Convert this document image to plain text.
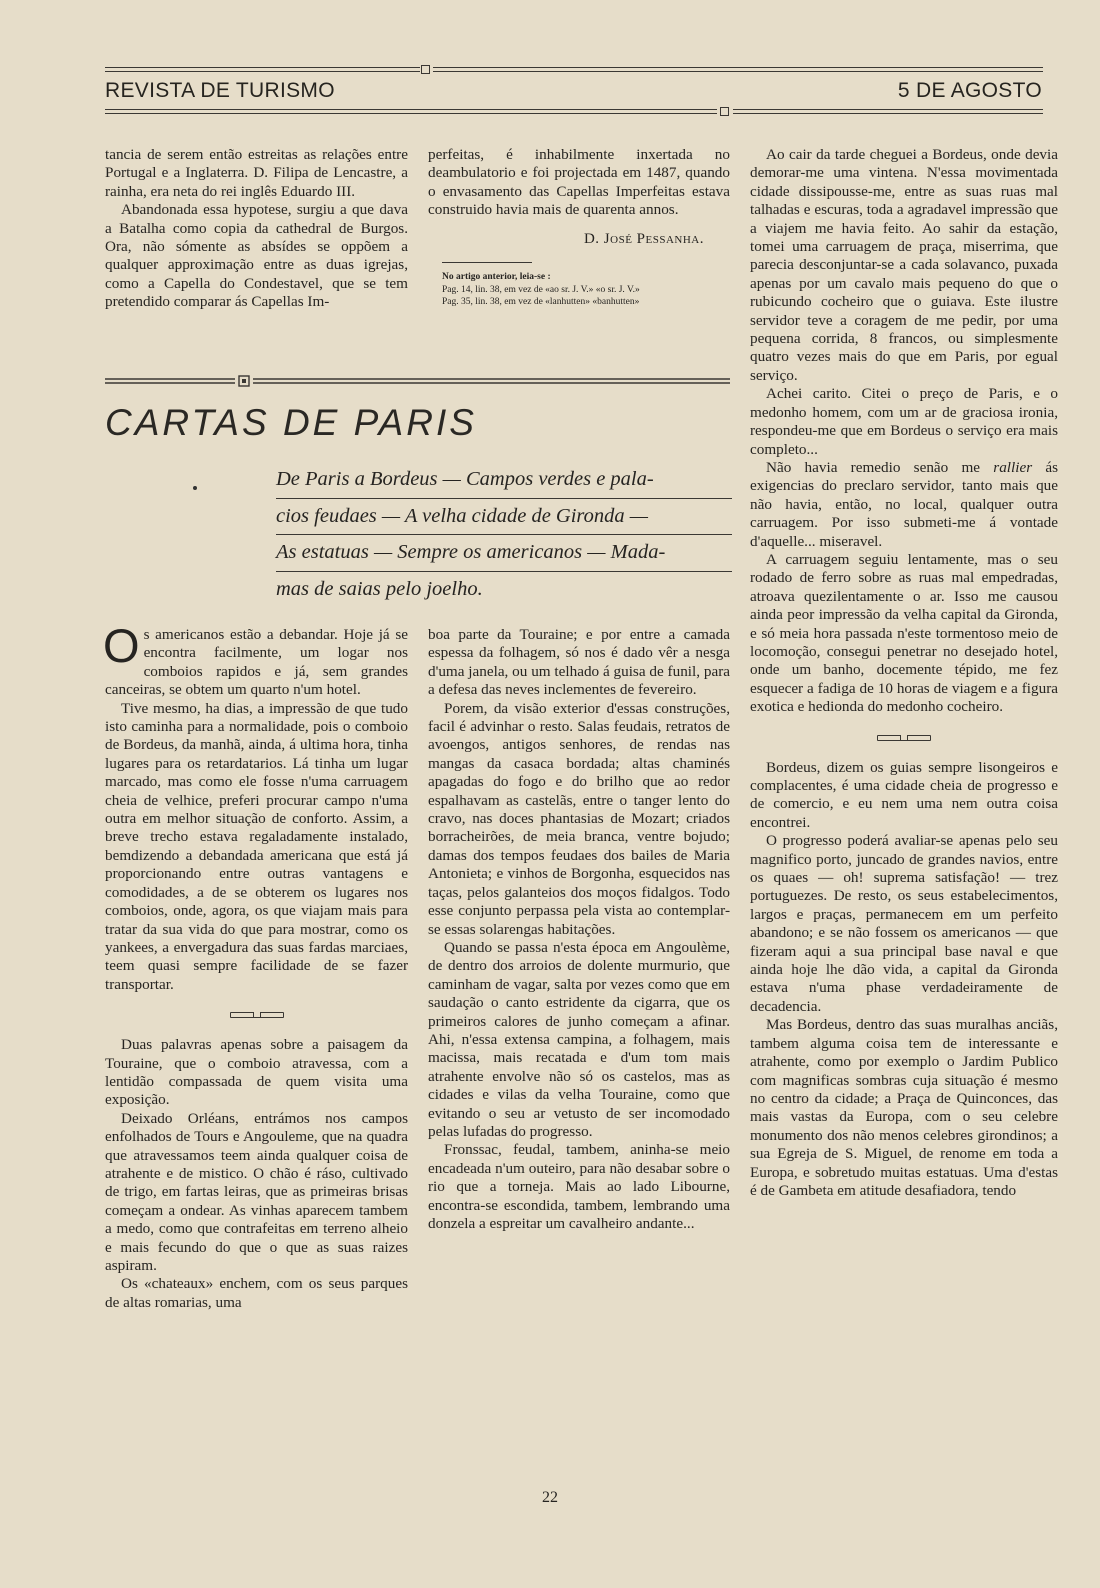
REVISTA DE TURISMO	5 DE AGOSTO

tancia de serem então estreitas as relações entre Portugal e a Inglaterra. D. Filipa de Lencastre, a rainha, era neta do rei inglês Eduardo III.

Abandonada essa hypotese, surgiu a que dava a Batalha como copia da cathedral de Burgos. Ora, não sómente as absídes se oppõem a qualquer approximação entre as duas igrejas, como a Capella do Condestavel, que se tem pretendido comparar ás Capellas Im-

perfeitas, é inhabilmente inxertada no deambulatorio e foi projectada em 1487, quando o envasamento das Capellas Imperfeitas estava construido havia mais de quarenta annos.

D. José Pessanha.
No artigo anterior, leia-se :
Pag. 14, lin. 38, em vez de «ao sr. J. V.» «o sr. J. V.»
Pag. 35, lin. 38, em vez de «lanhutten» «banhutten»
CARTAS DE PARIS
De Paris a Bordeus — Campos verdes e pala-
cios feudaes — A velha cidade de Gironda —
As estatuas — Sempre os americanos — Mada-
mas de saias pelo joelho.

Os americanos estão a debandar. Hoje já se encontra facilmente, um logar nos comboios rapidos e já, sem grandes canceiras, se obtem um quarto n'um hotel.

Tive mesmo, ha dias, a impressão de que tudo isto caminha para a normalidade, pois o comboio de Bordeus, da manhã, ainda, á ultima hora, tinha lugares para os retardatarios. Lá tinha um lugar marcado, mas como ele fosse n'uma carruagem cheia de velhice, preferi procurar campo n'uma outra em melhor situação de conforto. Assim, a breve trecho estava regaladamente instalado, bemdizendo a debandada americana que está já proporcionando entre outras vantagens e comodidades, a de se obterem os lugares nos comboios, onde, agora, os que viajam mais para tratar da sua vida do que para mostrar, como os yankees, a envergadura das suas fardas marciaes, teem quasi sempre facilidade de se fazer transportar.

Duas palavras apenas sobre a paisagem da Touraine, que o comboio atravessa, com a lentidão compassada de quem visita uma exposição.

Deixado Orléans, entrámos nos campos enfolhados de Tours e Angouleme, que na quadra que atravessamos teem ainda qualquer coisa de atrahente e de mistico. O chão é ráso, cultivado de trigo, em fartas leiras, que as primeiras brisas começam a ondear. As vinhas aparecem tambem a medo, como que contrafeitas em terreno alheio e mais fecundo do que o que as suas raizes aspiram.

Os «chateaux» enchem, com os seus parques de altas romarias, uma

boa parte da Touraine; e por entre a camada espessa da folhagem, só nos é dado vêr a nesga d'uma janela, ou um telhado á guisa de funil, para a defesa das neves inclementes de fevereiro.

Porem, da visão exterior d'essas construções, facil é advinhar o resto. Salas feudais, retratos de avoengos, antigos senhores, de rendas nas mangas da casaca bordada; altas chaminés apagadas do fogo e do brilho que ao redor espalhavam as castelãs, entre o tanger lento do cravo, nas doces phantasias de Mozart; criados borracheirões, de meia branca, ventre bojudo; damas dos tempos feudaes dos bailes de Maria Antonieta; e vinhos de Borgonha, esquecidos nas taças, pelos galanteios dos moços fidalgos. Todo esse conjunto perpassa pela vista ao contemplar-se essas solarengas habitações.

Quando se passa n'esta época em Angoulème, de dentro dos arroios de dolente murmurio, que caminham de vagar, salta por vezes como que em saudação o canto estridente da cigarra, que os primeiros calores de junho começam a afinar. Ahi, n'essa extensa campina, a folhagem, mais macissa, mais recatada e d'um tom mais atrahente envolve não só os castelos, mas as cidades e vilas da velha Touraine, como que evitando o seu ar vetusto de ser incomodado pelas lufadas do progresso.

Fronssac, feudal, tambem, aninha-se meio encadeada n'um outeiro, para não desabar sobre o rio que a torneja. Mais ao lado Libourne, encontra-se escondida, tambem, lembrando uma donzela a espreitar um cavalheiro andante...

Ao cair da tarde cheguei a Bordeus, onde devia demorar-me uma vintena. N'essa movimentada cidade dissipousse-me, entre as suas ruas mal talhadas e escuras, toda a agradavel impressão que a viajem me havia feito. Ao sahir da estação, tomei uma carruagem de praça, miserrima, que parecia desconjuntar-se a cada solavanco, puxada apenas por um cavalo mais pequeno do que o rubicundo cocheiro que o guiava. Este ilustre servidor teve a coragem de me pedir, por uma pequena corrida, 8 francos, ou simplesmente quatro vezes mais do que em Paris, por egual serviço.

Achei carito. Citei o preço de Paris, e o medonho homem, com um ar de graciosa ironia, respondeu-me que em Bordeus o serviço era mais completo...

Não havia remedio senão me rallier ás exigencias do preclaro servidor, tanto mais que não havia, então, no local, qualquer outra carruagem. Por isso submeti-me á vontade d'aquelle... miseravel.

A carruagem seguiu lentamente, mas o seu rodado de ferro sobre as ruas mal empedradas, atroava quezilentamente o ar. Isso me causou ainda peor impressão da velha capital da Gironda, e só meia hora passada n'este tormentoso meio de locomoção, consegui penetrar no desejado hotel, onde um banho, docemente tépido, me fez esquecer a fadiga de 10 horas de viagem e a figura exotica e hedionda do medonho cocheiro.

Bordeus, dizem os guias sempre lisongeiros e complacentes, é uma cidade cheia de progresso e de comercio, e eu nem uma nem outra coisa encontrei.

O progresso poderá avaliar-se apenas pelo seu magnifico porto, juncado de grandes navios, entre os quaes — oh! suprema satisfação! — trez portuguezes. De resto, os seus estabelecimentos, largos e praças, permanecem em um perfeito abandono; e se não fossem os americanos — que fizeram aqui a sua principal base naval e que ainda hoje lhe dão vida, a capital da Gironda estava n'uma phase verdadeiramente de decadencia.

Mas Bordeus, dentro das suas muralhas anciãs, tambem alguma coisa tem de interessante e atrahente, como por exemplo o Jardim Publico com magnificas sombras cuja situação é mesmo no centro da cidade; a Praça de Quinconces, das mais vastas da Europa, com o seu celebre monumento dos não menos celebres girondinos; a sua Egreja de S. Miguel, de renome em toda a Europa, e sobretudo muitas estatuas. Uma d'estas é de Gambeta em atitude desafiadora, tendo

22
